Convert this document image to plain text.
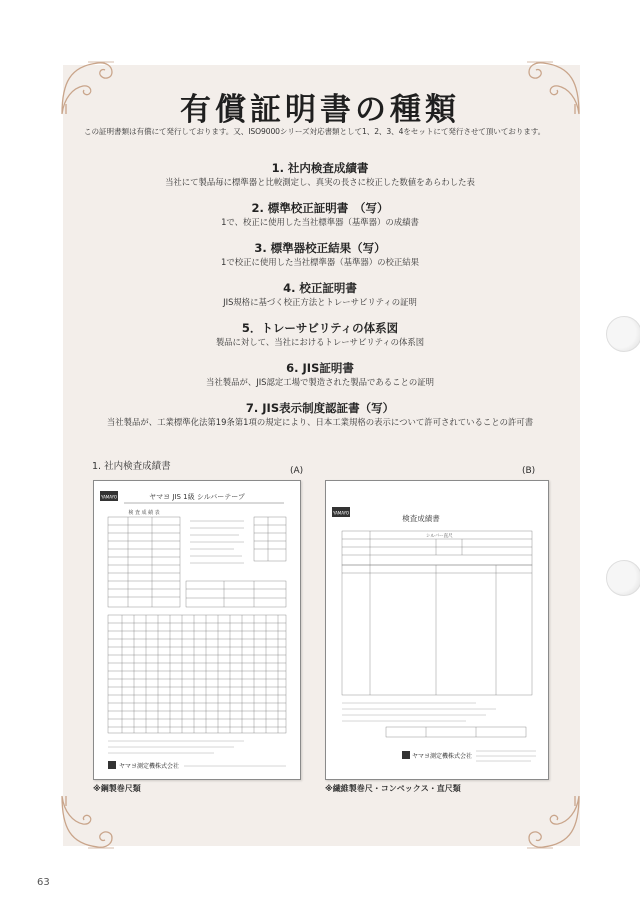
有償証明書の種類
この証明書類は有償にて発行しております。又、ISO9000シリーズ対応書類として1、2、3、4をセットにて発行させて頂いております。
1. 社内検査成績書
当社にて製品毎に標準器と比較測定し、真実の長さに校正した数値をあらわした表
2. 標準校正証明書　（写）
1で、校正に使用した当社標準器（基準器）の成績書
3. 標準器校正結果（写）
1で校正に使用した当社標準器（基準器）の校正結果
4. 校正証明書
JIS規格に基づく校正方法とトレーサビリティの証明
5．トレーサビリティの体系図
製品に対して、当社におけるトレーサビリティの体系図
6. JIS証明書
当社製品が、JIS認定工場で製造された製品であることの証明
7. JIS表示制度認証書（写）
当社製品が、工業標準化法第19条第1項の規定により、日本工業規格の表示について許可されていることの許可書
1. 社内検査成績書	(A)	(B)
YAMAYO	ヤマヨ JIS 1級 シルバーテープ
検 査 成 績 表
ヤマヨ測定機株式会社
YAMAYO
検査成績書
シルバー直尺
ヤマヨ測定機株式会社
※鋼製巻尺類	※繊維製巻尺・コンベックス・直尺類
63
